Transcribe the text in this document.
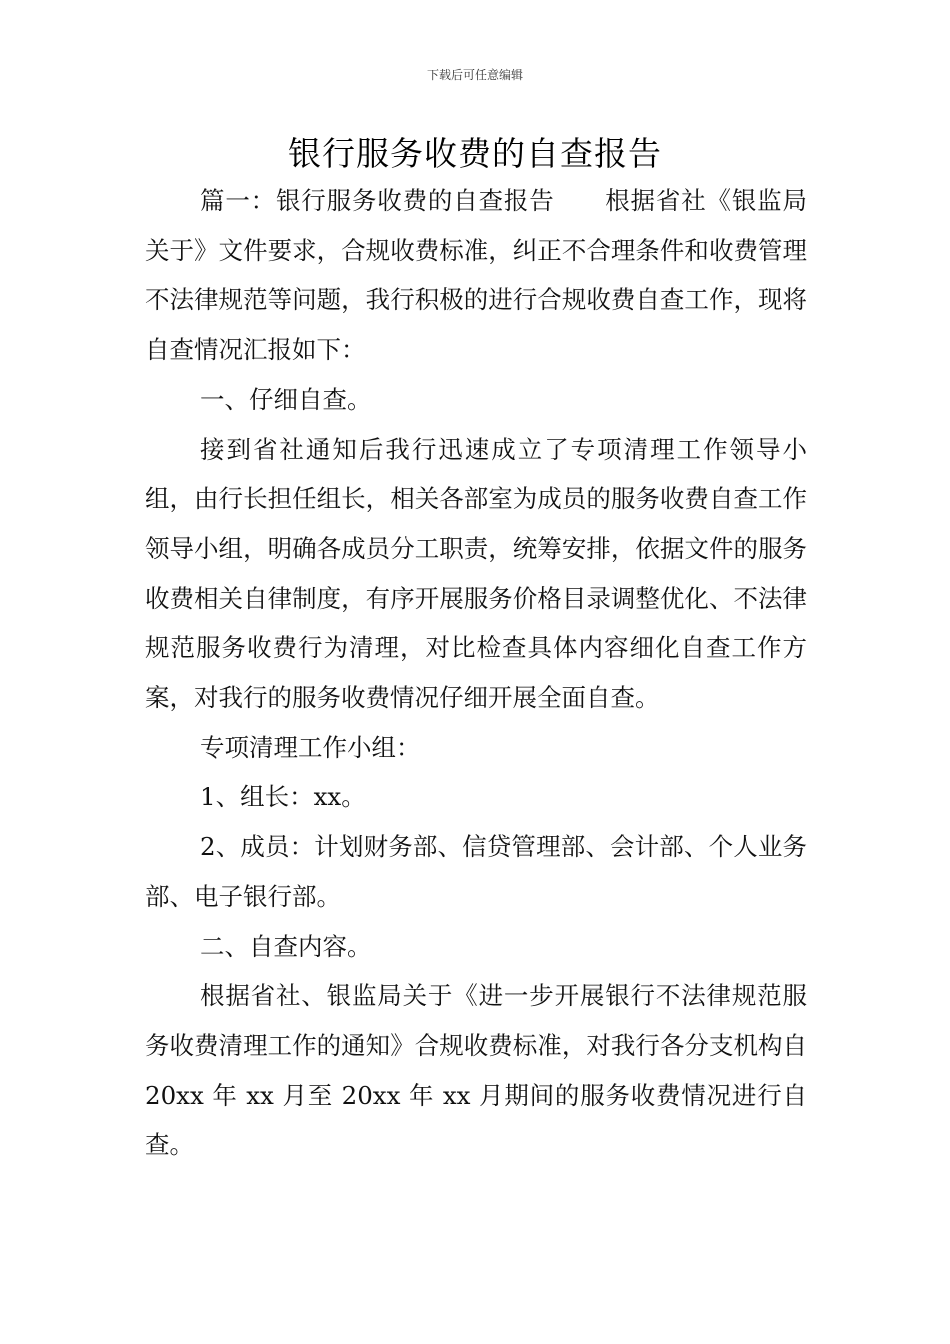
下载后可任意编辑
银行服务收费的自查报告

篇一：银行服务收费的自查报告　　根据省社《银监局关于》文件要求，合规收费标准，纠正不合理条件和收费管理不法律规范等问题，我行积极的进行合规收费自查工作，现将自查情况汇报如下：

一、仔细自查。

接到省社通知后我行迅速成立了专项清理工作领导小组，由行长担任组长，相关各部室为成员的服务收费自查工作领导小组，明确各成员分工职责，统筹安排，依据文件的服务收费相关自律制度，有序开展服务价格目录调整优化、不法律规范服务收费行为清理，对比检查具体内容细化自查工作方案，对我行的服务收费情况仔细开展全面自查。

专项清理工作小组：

1、组长：xx。

2、成员：计划财务部、信贷管理部、会计部、个人业务部、电子银行部。

二、自查内容。

根据省社、银监局关于《进一步开展银行不法律规范服务收费清理工作的通知》合规收费标准，对我行各分支机构自 20xx 年 xx 月至 20xx 年 xx 月期间的服务收费情况进行自查。
